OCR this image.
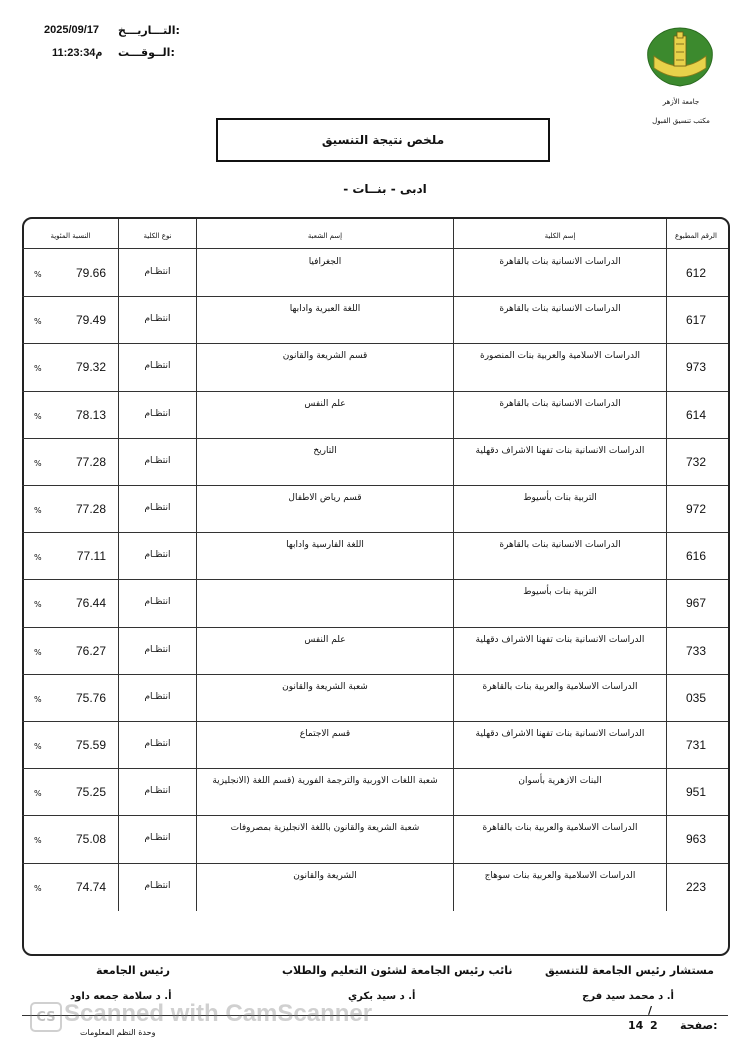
التـــاريـــخ:
2025/09/17
الــوقـــت:
11:23:34م
جامعة الأزهر
مكتب تنسيق القبول
ملخص نتيجة التنسيق
- ادبى - بنــات
الرقم المطبوع
إسم الكلية
إسم الشعبة
نوع الكلية
النسبة المئوية
612
الدراسات الانسانية بنات بالقاهرة
الجغرافيا
انتظـام
79.66
%
617
الدراسات الانسانية بنات بالقاهرة
اللغة العبرية وادابها
انتظـام
79.49
%
973
الدراسات الاسلامية والعربية بنات المنصورة
قسم الشريعة والقانون
انتظـام
79.32
%
614
الدراسات الانسانية بنات بالقاهرة
علم النفس
انتظـام
78.13
%
732
الدراسات الانسانية بنات تفهنا الاشراف دقهلية
التاريخ
انتظـام
77.28
%
972
التربية بنات بأسيوط
قسم رياض الاطفال
انتظـام
77.28
%
616
الدراسات الانسانية بنات بالقاهرة
اللغة الفارسية وادابها
انتظـام
77.11
%
967
التربية بنات بأسيوط
انتظـام
76.44
%
733
الدراسات الانسانية بنات تفهنا الاشراف دقهلية
علم النفس
انتظـام
76.27
%
035
الدراسات الاسلامية والعربية بنات بالقاهرة
شعبة الشريعة والقانون
انتظـام
75.76
%
731
الدراسات الانسانية بنات تفهنا الاشراف دقهلية
قسم الاجتماع
انتظـام
75.59
%
951
البنات الازهرية بأسوان
شعبة اللغات الاوربية والترجمة الفورية (قسم اللغة (الانجليزية
انتظـام
75.25
%
963
الدراسات الاسلامية والعربية بنات بالقاهرة
شعبة الشريعة والقانون باللغة الانجليزية بمصروفات
انتظـام
75.08
%
223
الدراسات الاسلامية والعربية بنات سوهاج
الشريعة والقانون
انتظـام
74.74
%
مستشار رئيس الجامعة للتنسيق
أ. د محمد سيد فرج
نائب رئيس الجامعة لشئون التعليم والطلاب
أ. د سيد بكري
رئيس الجامعة
أ. د سلامة جمعه داود
/
صفحة:
2
14
وحدة النظم المعلومات
CS Scanned with CamScanner
